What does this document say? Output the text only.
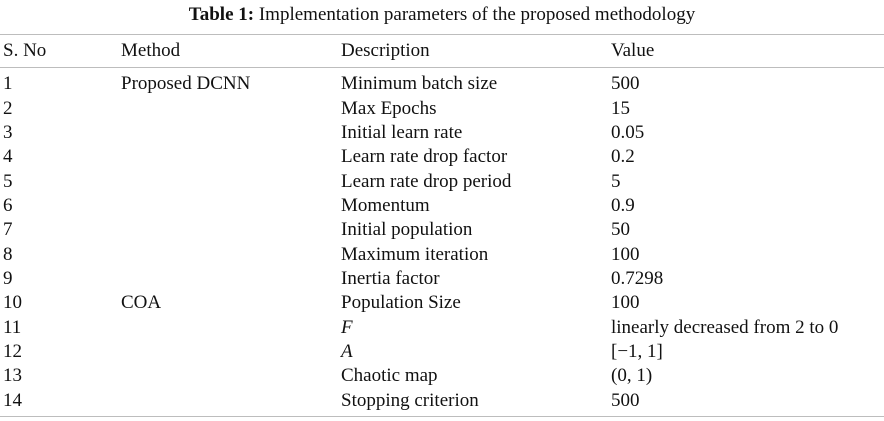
Table 1: Implementation parameters of the proposed methodology
S. No	Method	Description	Value
1	Proposed DCNN	Minimum batch size	500
2		Max Epochs	15
3		Initial learn rate	0.05
4		Learn rate drop factor	0.2
5		Learn rate drop period	5
6		Momentum	0.9
7		Initial population	50
8		Maximum iteration	100
9		Inertia factor	0.7298
10	COA	Population Size	100
11		F	linearly decreased from 2 to 0
12		A	[−1, 1]
13		Chaotic map	(0, 1)
14		Stopping criterion	500
